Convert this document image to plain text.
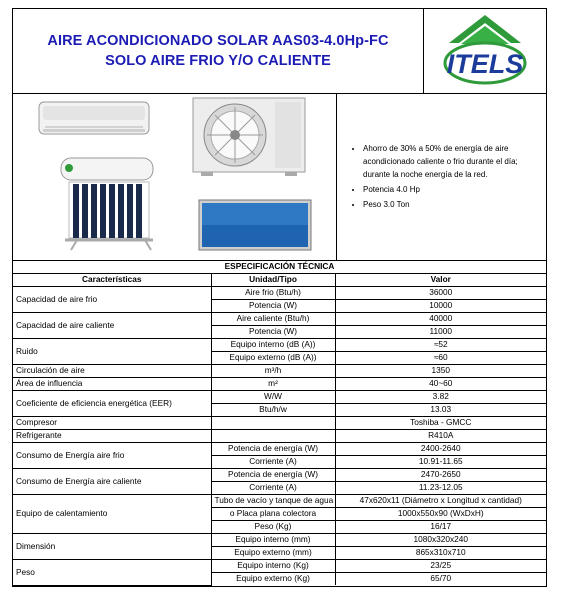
AIRE ACONDICIONADO SOLAR AAS03-4.0Hp-FC
SOLO AIRE FRIO Y/O CALIENTE	ITELS
• Ahorro de 30% a 50% de energía de aire acondicionado caliente o frio durante el día; durante la noche energía de la red.
• Potencia 4.0 Hp
• Peso 3.0 Ton
ESPECIFICACIÓN TÉCNICA		
Características	Unidad/Tipo	Valor
Capacidad de aire frio	Aire frio (Btu/h)	36000
	Potencia (W)	10000
Capacidad de aire caliente	Aire caliente (Btu/h)	40000
	Potencia (W)	11000
Ruido	Equipo interno (dB (A))	≈52
	Equipo externo (dB (A))	≈60
Circulación de aire	m³/h	1350
Área de influencia	m²	40~60
Coeficiente de eficiencia energética (EER)	W/W	3.82
	Btu/h/w	13.03
Compresor		Toshiba - GMCC
Refrigerante		R410A
Consumo de Energía aire frio	Potencia de energía (W)	2400-2640
	Corriente (A)	10.91-11.65
Consumo de Energía aire caliente	Potencia de energía (W)	2470-2650
	Corriente (A)	11.23-12.05
Equipo de calentamiento	Tubo de vacío y tanque de agua	47x620x11 (Diámetro x Longitud x cantidad)
	o Placa plana colectora	1000x550x90 (WxDxH)
	Peso (Kg)	16/17
Dimensión	Equipo interno (mm)	1080x320x240
	Equipo externo (mm)	865x310x710
Peso	Equipo interno (Kg)	23/25
	Equipo externo (Kg)	65/70
